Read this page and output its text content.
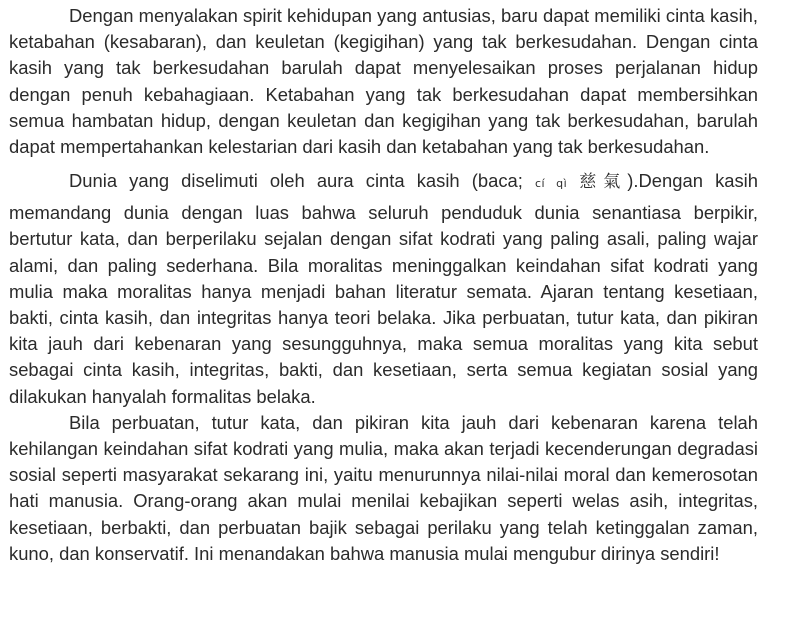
Dengan menyalakan spirit kehidupan yang antusias, baru dapat memiliki cinta kasih, ketabahan (kesabaran), dan keuletan (kegigihan) yang tak berkesudahan. Dengan cinta kasih yang tak berkesudahan barulah dapat menyelesaikan proses perjalanan hidup dengan penuh kebahagiaan. Ketabahan yang tak berkesudahan dapat membersihkan semua hambatan hidup, dengan keuletan dan kegigihan yang tak berkesudahan, barulah dapat mempertahankan kelestarian dari kasih dan ketabahan yang tak berkesudahan.

Dunia yang diselimuti oleh aura cinta kasih (baca; cí qì 慈氣).Dengan kasih memandang dunia dengan luas bahwa seluruh penduduk dunia senantiasa berpikir, bertutur kata, dan berperilaku sejalan dengan sifat kodrati yang paling asali, paling wajar alami, dan paling sederhana. Bila moralitas meninggalkan keindahan sifat kodrati yang mulia maka moralitas hanya menjadi bahan literatur semata. Ajaran tentang kesetiaan, bakti, cinta kasih, dan integritas hanya teori belaka. Jika perbuatan, tutur kata, dan pikiran kita jauh dari kebenaran yang sesungguhnya, maka semua moralitas yang kita sebut sebagai cinta kasih, integritas, bakti, dan kesetiaan, serta semua kegiatan sosial yang dilakukan hanyalah formalitas belaka.

Bila perbuatan, tutur kata, dan pikiran kita jauh dari kebenaran karena telah kehilangan keindahan sifat kodrati yang mulia, maka akan terjadi kecenderungan degradasi sosial seperti masyarakat sekarang ini, yaitu menurunnya nilai-nilai moral dan kemerosotan hati manusia. Orang-orang akan mulai menilai kebajikan seperti welas asih, integritas, kesetiaan, berbakti, dan perbuatan bajik sebagai perilaku yang telah ketinggalan zaman, kuno, dan konservatif. Ini menandakan bahwa manusia mulai mengubur dirinya sendiri!
